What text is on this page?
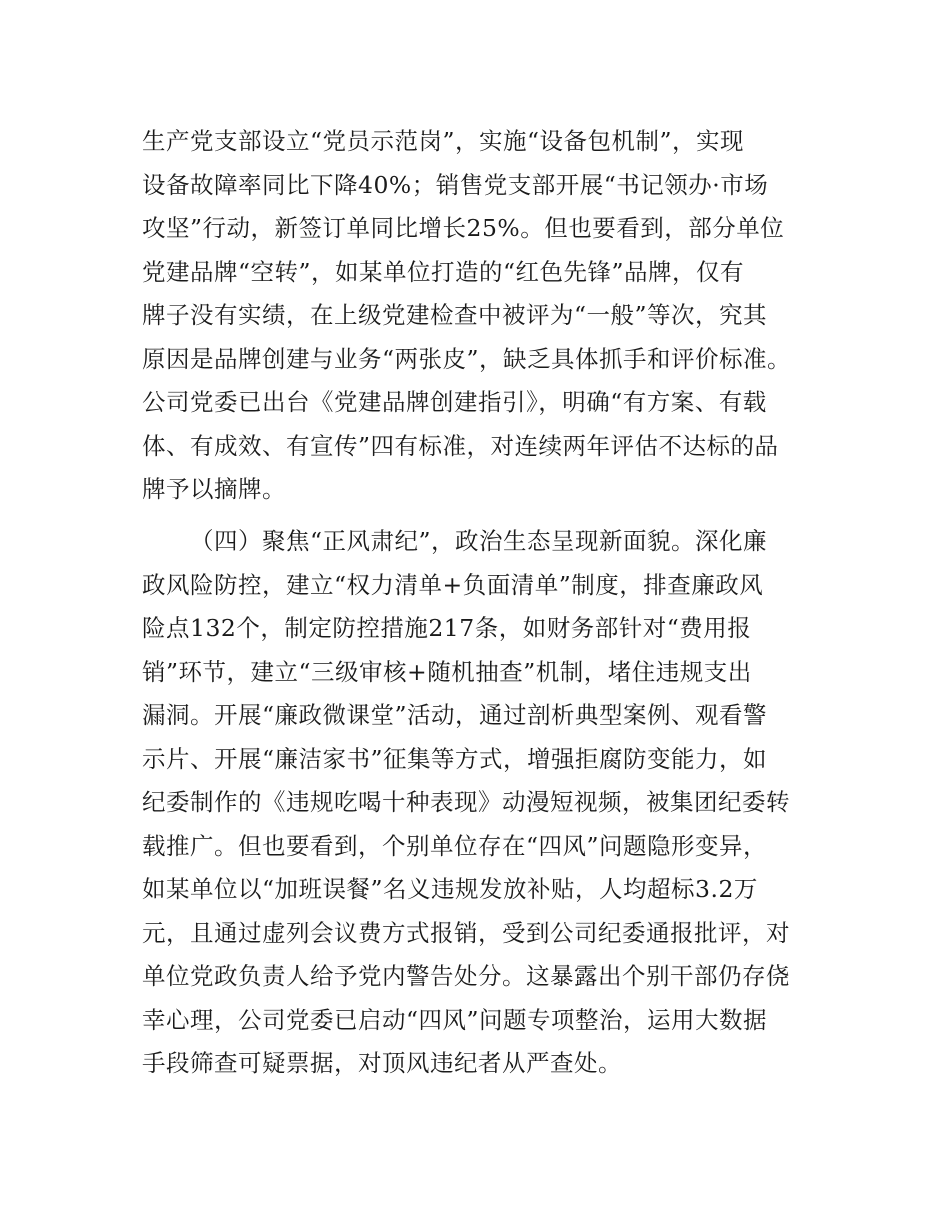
生产党支部设立“党员示范岗”，实施“设备包机制”，实现
设备故障率同比下降40%；销售党支部开展“书记领办·市场
攻坚”行动，新签订单同比增长25%。但也要看到，部分单位
党建品牌“空转”，如某单位打造的“红色先锋”品牌，仅有
牌子没有实绩，在上级党建检查中被评为“一般”等次，究其
原因是品牌创建与业务“两张皮”，缺乏具体抓手和评价标准。
公司党委已出台《党建品牌创建指引》，明确“有方案、有载
体、有成效、有宣传”四有标准，对连续两年评估不达标的品
牌予以摘牌。
（四）聚焦“正风肃纪”，政治生态呈现新面貌。深化廉
政风险防控，建立“权力清单+负面清单”制度，排查廉政风
险点132个，制定防控措施217条，如财务部针对“费用报
销”环节，建立“三级审核+随机抽查”机制，堵住违规支出
漏洞。开展“廉政微课堂”活动，通过剖析典型案例、观看警
示片、开展“廉洁家书”征集等方式，增强拒腐防变能力，如
纪委制作的《违规吃喝十种表现》动漫短视频，被集团纪委转
载推广。但也要看到，个别单位存在“四风”问题隐形变异，
如某单位以“加班误餐”名义违规发放补贴，人均超标3.2万
元，且通过虚列会议费方式报销，受到公司纪委通报批评，对
单位党政负责人给予党内警告处分。这暴露出个别干部仍存侥
幸心理，公司党委已启动“四风”问题专项整治，运用大数据
手段筛查可疑票据，对顶风违纪者从严查处。
